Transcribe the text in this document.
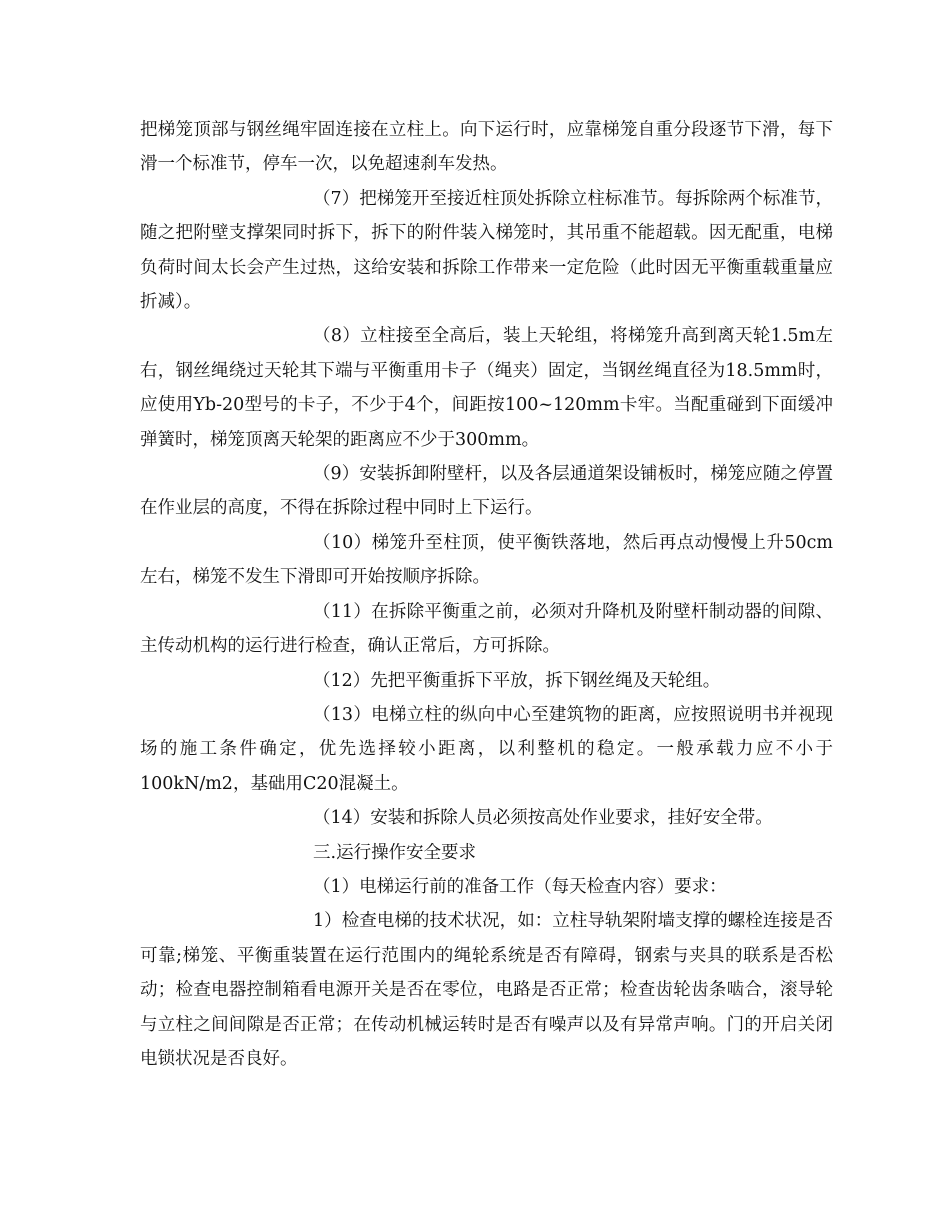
把梯笼顶部与钢丝绳牢固连接在立柱上。向下运行时，应靠梯笼自重分段逐节下滑，每下滑一个标准节，停车一次，以免超速刹车发热。

（7）把梯笼开至接近柱顶处拆除立柱标准节。每拆除两个标准节，随之把附壁支撑架同时拆下，拆下的附件装入梯笼时，其吊重不能超载。因无配重，电梯负荷时间太长会产生过热，这给安装和拆除工作带来一定危险（此时因无平衡重载重量应折减）。

（8）立柱接至全高后，装上天轮组，将梯笼升高到离天轮1.5m左右，钢丝绳绕过天轮其下端与平衡重用卡子（绳夹）固定，当钢丝绳直径为18.5mm时，应使用Yb-20型号的卡子，不少于4个，间距按100~120mm卡牢。当配重碰到下面缓冲弹簧时，梯笼顶离天轮架的距离应不少于300mm。

（9）安装拆卸附壁杆，以及各层通道架设铺板时，梯笼应随之停置在作业层的高度，不得在拆除过程中同时上下运行。

（10）梯笼升至柱顶，使平衡铁落地，然后再点动慢慢上升50cm左右，梯笼不发生下滑即可开始按顺序拆除。

（11）在拆除平衡重之前，必须对升降机及附壁杆制动器的间隙、主传动机构的运行进行检查，确认正常后，方可拆除。

（12）先把平衡重拆下平放，拆下钢丝绳及天轮组。

（13）电梯立柱的纵向中心至建筑物的距离，应按照说明书并视现场的施工条件确定，优先选择较小距离，以利整机的稳定。一般承载力应不小于100kN/m2，基础用C20混凝土。

（14）安装和拆除人员必须按高处作业要求，挂好安全带。

三.运行操作安全要求

（1）电梯运行前的准备工作（每天检查内容）要求：

1）检查电梯的技术状况，如：立柱导轨架附墙支撑的螺栓连接是否可靠;梯笼、平衡重装置在运行范围内的绳轮系统是否有障碍，钢索与夹具的联系是否松动；检查电器控制箱看电源开关是否在零位，电路是否正常；检查齿轮齿条啮合，滚导轮与立柱之间间隙是否正常；在传动机械运转时是否有噪声以及有异常声响。门的开启关闭电锁状况是否良好。
